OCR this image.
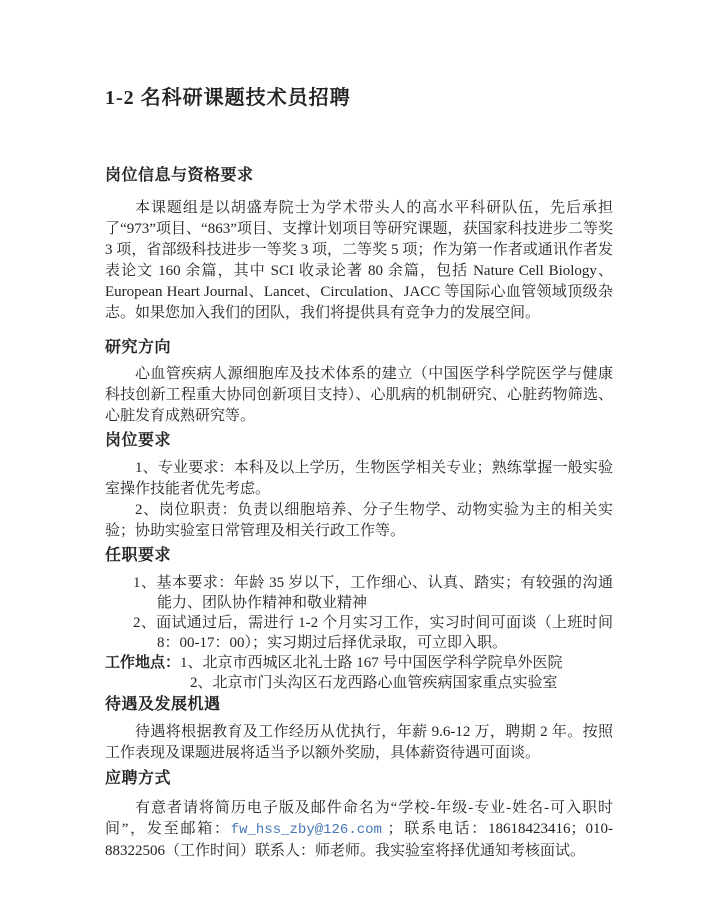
1-2 名科研课题技术员招聘
岗位信息与资格要求

本课题组是以胡盛寿院士为学术带头人的高水平科研队伍，先后承担了“973”项目、“863”项目、支撑计划项目等研究课题，获国家科技进步二等奖 3 项，省部级科技进步一等奖 3 项，二等奖 5 项；作为第一作者或通讯作者发表论文 160 余篇，其中 SCI 收录论著 80 余篇，包括 Nature Cell Biology、European Heart Journal、Lancet、Circulation、JACC 等国际心血管领域顶级杂志。如果您加入我们的团队，我们将提供具有竞争力的发展空间。

研究方向

心血管疾病人源细胞库及技术体系的建立（中国医学科学院医学与健康科技创新工程重大协同创新项目支持）、心肌病的机制研究、心脏药物筛选、心脏发育成熟研究等。

岗位要求

1、专业要求：本科及以上学历，生物医学相关专业；熟练掌握一般实验室操作技能者优先考虑。

2、岗位职责：负责以细胞培养、分子生物学、动物实验为主的相关实验；协助实验室日常管理及相关行政工作等。

任职要求

1、基本要求：年龄 35 岁以下，工作细心、认真、踏实；有较强的沟通能力、团队协作精神和敬业精神

2、面试通过后，需进行 1-2 个月实习工作，实习时间可面谈（上班时间 8：00-17：00）；实习期过后择优录取，可立即入职。

工作地点：1、北京市西城区北礼士路 167 号中国医学科学院阜外医院

2、北京市门头沟区石龙西路心血管疾病国家重点实验室

待遇及发展机遇

待遇将根据教育及工作经历从优执行，年薪 9.6-12 万，聘期 2 年。按照工作表现及课题进展将适当予以额外奖励，具体薪资待遇可面谈。

应聘方式

有意者请将简历电子版及邮件命名为“学校-年级-专业-姓名-可入职时间”，发至邮箱：fw_hss_zby@126.com ；联系电话：18618423416；010-88322506（工作时间）联系人：师老师。我实验室将择优通知考核面试。
